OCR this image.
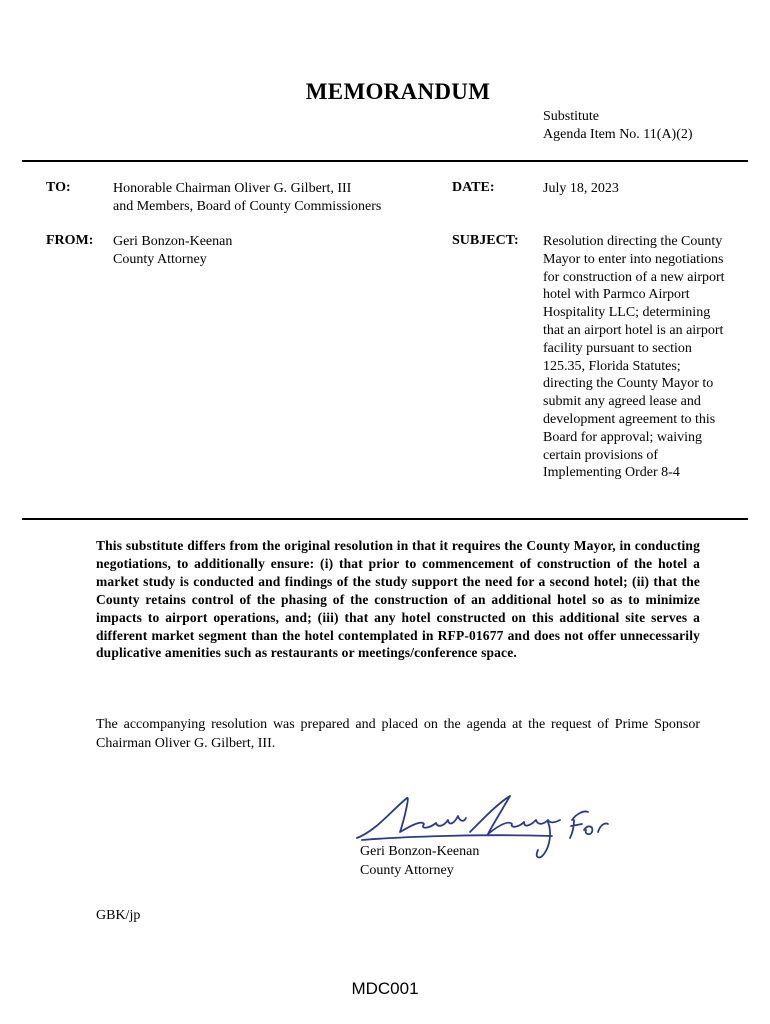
MEMORANDUM
Substitute
Agenda Item No. 11(A)(2)
TO:	Honorable Chairman Oliver G. Gilbert, III
and Members, Board of County Commissioners
DATE:	July 18, 2023
FROM: Geri Bonzon-Keenan
County Attorney
SUBJECT: Resolution directing the County Mayor to enter into negotiations for construction of a new airport hotel with Parmco Airport Hospitality LLC; determining that an airport hotel is an airport facility pursuant to section 125.35, Florida Statutes; directing the County Mayor to submit any agreed lease and development agreement to this Board for approval; waiving certain provisions of Implementing Order 8-4
This substitute differs from the original resolution in that it requires the County Mayor, in conducting negotiations, to additionally ensure: (i) that prior to commencement of construction of the hotel a market study is conducted and findings of the study support the need for a second hotel; (ii) that the County retains control of the phasing of the construction of an additional hotel so as to minimize impacts to airport operations, and; (iii) that any hotel constructed on this additional site serves a different market segment than the hotel contemplated in RFP-01677 and does not offer unnecessarily duplicative amenities such as restaurants or meetings/conference space.
The accompanying resolution was prepared and placed on the agenda at the request of Prime Sponsor Chairman Oliver G. Gilbert, III.
Geri Bonzon-Keenan
County Attorney
GBK/jp
MDC001
